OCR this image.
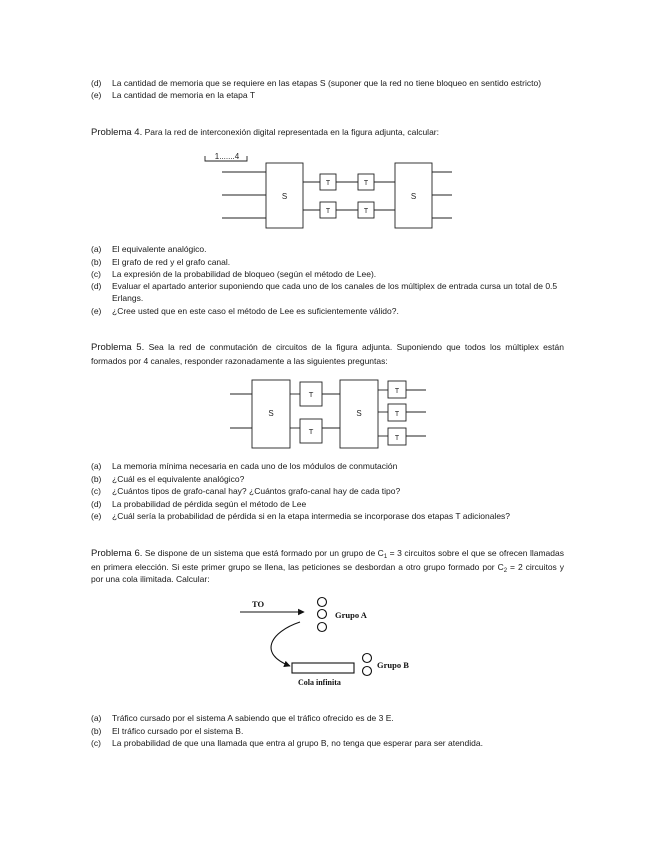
(d) La cantidad de memoria que se requiere en las etapas S (suponer que la red no tiene bloqueo en sentido estricto)
(e) La cantidad de memoria en la etapa T
Problema 4. Para la red de interconexión digital representada en la figura adjunta, calcular:
1.......4
S
T
T
T
T
S
(a) El equivalente analógico.
(b) El grafo de red y el grafo canal.
(c) La expresión de la probabilidad de bloqueo (según el método de Lee).
(d) Evaluar el apartado anterior suponiendo que cada uno de los canales de los múltiplex de entrada cursa un total de 0.5 Erlangs.
(e) ¿Cree usted que en este caso el método de Lee es suficientemente válido?.
Problema 5. Sea la red de conmutación de circuitos de la figura adjunta. Suponiendo que todos los múltiplex están formados por 4 canales, responder razonadamente a las siguientes preguntas:
S
T
T
S
T
T
T
(a) La memoria mínima necesaria en cada uno de los módulos de conmutación
(b) ¿Cuál es el equivalente analógico?
(c) ¿Cuántos tipos de grafo-canal hay? ¿Cuántos grafo-canal hay de cada tipo?
(d) La probabilidad de pérdida según el método de Lee
(e) ¿Cuál sería la probabilidad de pérdida si en la etapa intermedia se incorporase dos etapas T adicionales?
Problema 6. Se dispone de un sistema que está formado por un grupo de $C_1 = 3$ circuitos sobre el que se ofrecen llamadas en primera elección. Si este primer grupo se llena, las peticiones se desbordan a otro grupo formado por $C_2 = 2$ circuitos y por una cola ilimitada. Calcular:
TO
Grupo A
Grupo B
Cola infinita
(a) Tráfico cursado por el sistema A sabiendo que el tráfico ofrecido es de 3 E.
(b) El tráfico cursado por el sistema B.
(c) La probabilidad de que una llamada que entra al grupo B, no tenga que esperar para ser atendida.
